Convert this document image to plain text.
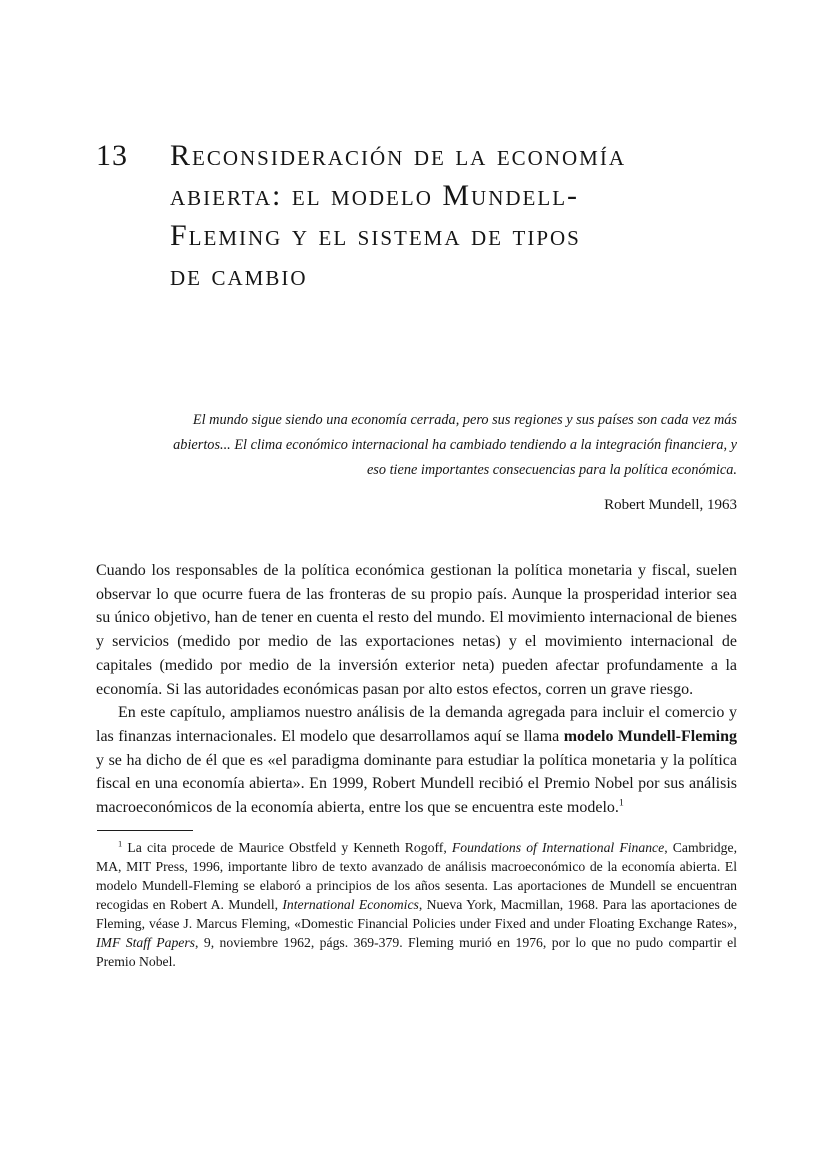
13	Reconsideración de la economía
abierta: el modelo Mundell-
Fleming y el sistema de tipos
de cambio

El mundo sigue siendo una economía cerrada, pero sus regiones y sus países son cada vez más abiertos... El clima económico internacional ha cambiado tendiendo a la integración financiera, y eso tiene importantes consecuencias para la política económica.

Robert Mundell, 1963

Cuando los responsables de la política económica gestionan la política monetaria y fiscal, suelen observar lo que ocurre fuera de las fronteras de su propio país. Aunque la prosperidad interior sea su único objetivo, han de tener en cuenta el resto del mundo. El movimiento internacional de bienes y servicios (medido por medio de las exportaciones netas) y el movimiento internacional de capitales (medido por medio de la inversión exterior neta) pueden afectar profundamente a la economía. Si las autoridades económicas pasan por alto estos efectos, corren un grave riesgo.

En este capítulo, ampliamos nuestro análisis de la demanda agregada para incluir el comercio y las finanzas internacionales. El modelo que desarrollamos aquí se llama modelo Mundell-Fleming y se ha dicho de él que es «el paradigma dominante para estudiar la política monetaria y la política fiscal en una economía abierta». En 1999, Robert Mundell recibió el Premio Nobel por sus análisis macroeconómicos de la economía abierta, entre los que se encuentra este modelo.$^1$

$^1$ La cita procede de Maurice Obstfeld y Kenneth Rogoff, Foundations of International Finance, Cambridge, MA, MIT Press, 1996, importante libro de texto avanzado de análisis macroeconómico de la economía abierta. El modelo Mundell-Fleming se elaboró a principios de los años sesenta. Las aportaciones de Mundell se encuentran recogidas en Robert A. Mundell, International Economics, Nueva York, Macmillan, 1968. Para las aportaciones de Fleming, véase J. Marcus Fleming, «Domestic Financial Policies under Fixed and under Floating Exchange Rates», IMF Staff Papers, 9, noviembre 1962, págs. 369-379. Fleming murió en 1976, por lo que no pudo compartir el Premio Nobel.
